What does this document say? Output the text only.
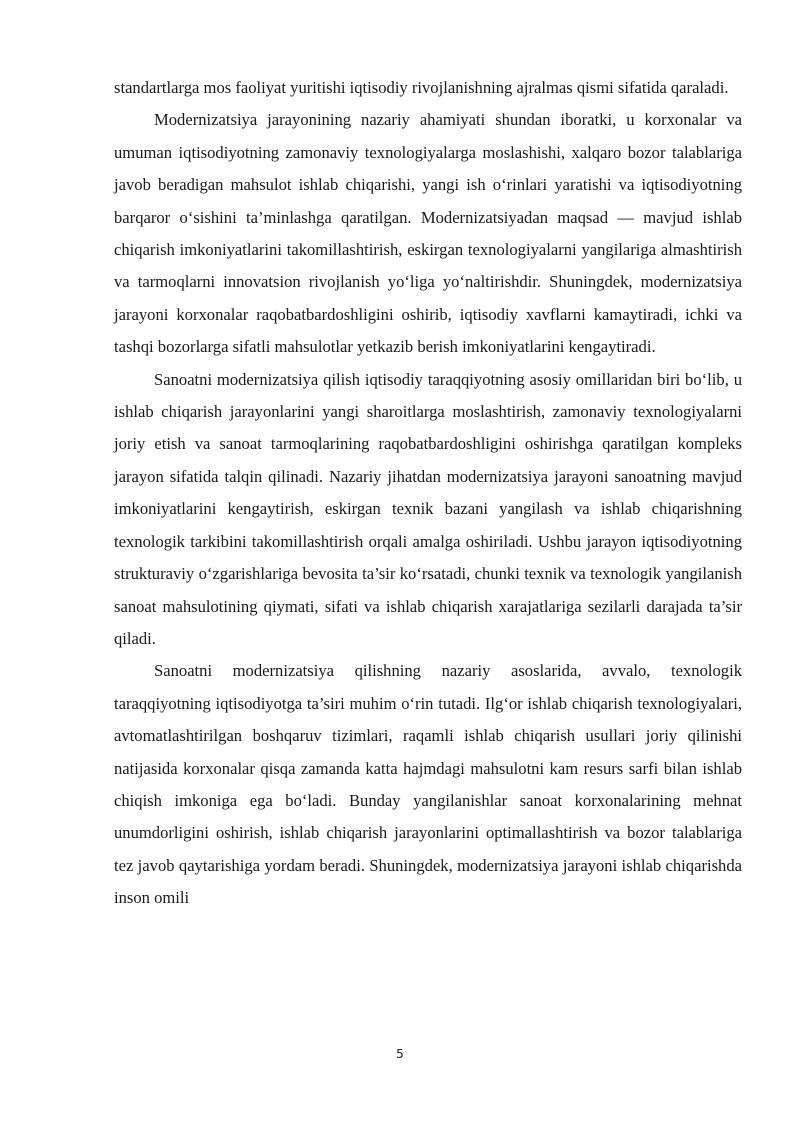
standartlarga mos faoliyat yuritishi iqtisodiy rivojlanishning ajralmas qismi sifatida qaraladi.

Modernizatsiya jarayonining nazariy ahamiyati shundan iboratki, u korxonalar va umuman iqtisodiyotning zamonaviy texnologiyalarga moslashishi, xalqaro bozor talablariga javob beradigan mahsulot ishlab chiqarishi, yangi ish o‘rinlari yaratishi va iqtisodiyotning barqaror o‘sishini ta’minlashga qaratilgan. Modernizatsiyadan maqsad — mavjud ishlab chiqarish imkoniyatlarini takomillashtirish, eskirgan texnologiyalarni yangilariga almashtirish va tarmoqlarni innovatsion rivojlanish yo‘liga yo‘naltirishdir. Shuningdek, modernizatsiya jarayoni korxonalar raqobatbardoshligini oshirib, iqtisodiy xavflarni kamaytiradi, ichki va tashqi bozorlarga sifatli mahsulotlar yetkazib berish imkoniyatlarini kengaytiradi.

Sanoatni modernizatsiya qilish iqtisodiy taraqqiyotning asosiy omillaridan biri bo‘lib, u ishlab chiqarish jarayonlarini yangi sharoitlarga moslashtirish, zamonaviy texnologiyalarni joriy etish va sanoat tarmoqlarining raqobatbardoshligini oshirishga qaratilgan kompleks jarayon sifatida talqin qilinadi. Nazariy jihatdan modernizatsiya jarayoni sanoatning mavjud imkoniyatlarini kengaytirish, eskirgan texnik bazani yangilash va ishlab chiqarishning texnologik tarkibini takomillashtirish orqali amalga oshiriladi. Ushbu jarayon iqtisodiyotning strukturaviy o‘zgarishlariga bevosita ta’sir ko‘rsatadi, chunki texnik va texnologik yangilanish sanoat mahsulotining qiymati, sifati va ishlab chiqarish xarajatlariga sezilarli darajada ta’sir qiladi.

Sanoatni modernizatsiya qilishning nazariy asoslarida, avvalo, texnologik taraqqiyotning iqtisodiyotga ta’siri muhim o‘rin tutadi. Ilg‘or ishlab chiqarish texnologiyalari, avtomatlashtirilgan boshqaruv tizimlari, raqamli ishlab chiqarish usullari joriy qilinishi natijasida korxonalar qisqa zamanda katta hajmdagi mahsulotni kam resurs sarfi bilan ishlab chiqish imkoniga ega bo‘ladi. Bunday yangilanishlar sanoat korxonalarining mehnat unumdorligini oshirish, ishlab chiqarish jarayonlarini optimallashtirish va bozor talablariga tez javob qaytarishiga yordam beradi. Shuningdek, modernizatsiya jarayoni ishlab chiqarishda inson omili

5
